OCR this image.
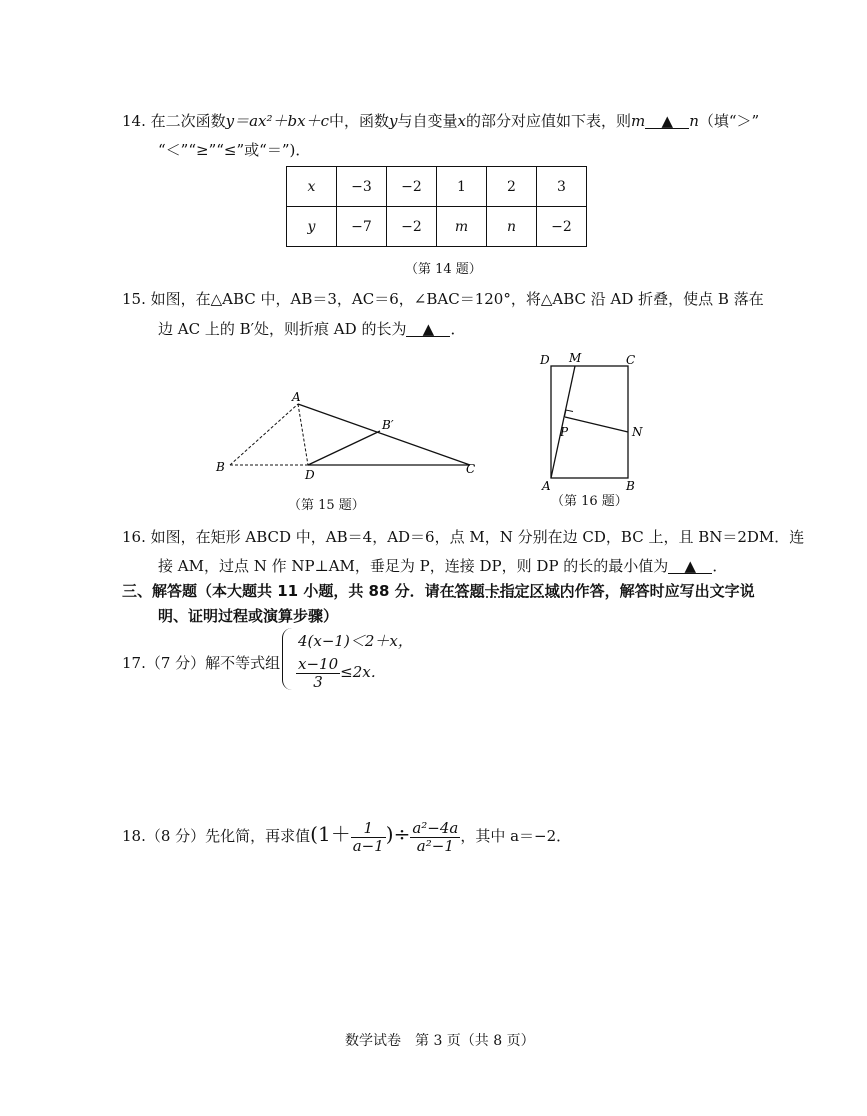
14. 在二次函数y＝ax²＋bx＋c中，函数y与自变量x的部分对应值如下表，则m ▲ n（填“＞”
“＜”“≥”“≤”或“＝”)．
x	−3	−2	1	2	3
y	−7	−2	m	n	−2
（第 14 题）
15. 如图，在△ABC 中，AB＝3，AC＝6，∠BAC＝120°，将△ABC 沿 AD 折叠，使点 B 落在
边 AC 上的 B′处，则折痕 AD 的长为 ▲ ．
A
B
D	C
B′
（第 15 题）
D M	C
P	N
A	B
（第 16 题）
16. 如图，在矩形 ABCD 中，AB＝4，AD＝6，点 M，N 分别在边 CD，BC 上，且 BN＝2DM．连
接 AM，过点 N 作 NP⊥AM，垂足为 P，连接 DP，则 DP 的长的最小值为 ▲ ．
三、解答题（本大题共 11 小题，共 88 分．请在答题卡指定区域内作答，解答时应写出文字说
明、证明过程或演算步骤）
17.（7 分）解不等式组
4(x−1)＜2＋x，
$\frac{x-10}{3} \le 2x$．
18.（8 分）先化简，再求值($1+ \frac{1}{a-1}$ )÷ $\frac{\text{a²−4a}}{\text{a²−1}}$ ，其中 a＝−2．
数学试卷　第 3 页（共 8 页）
